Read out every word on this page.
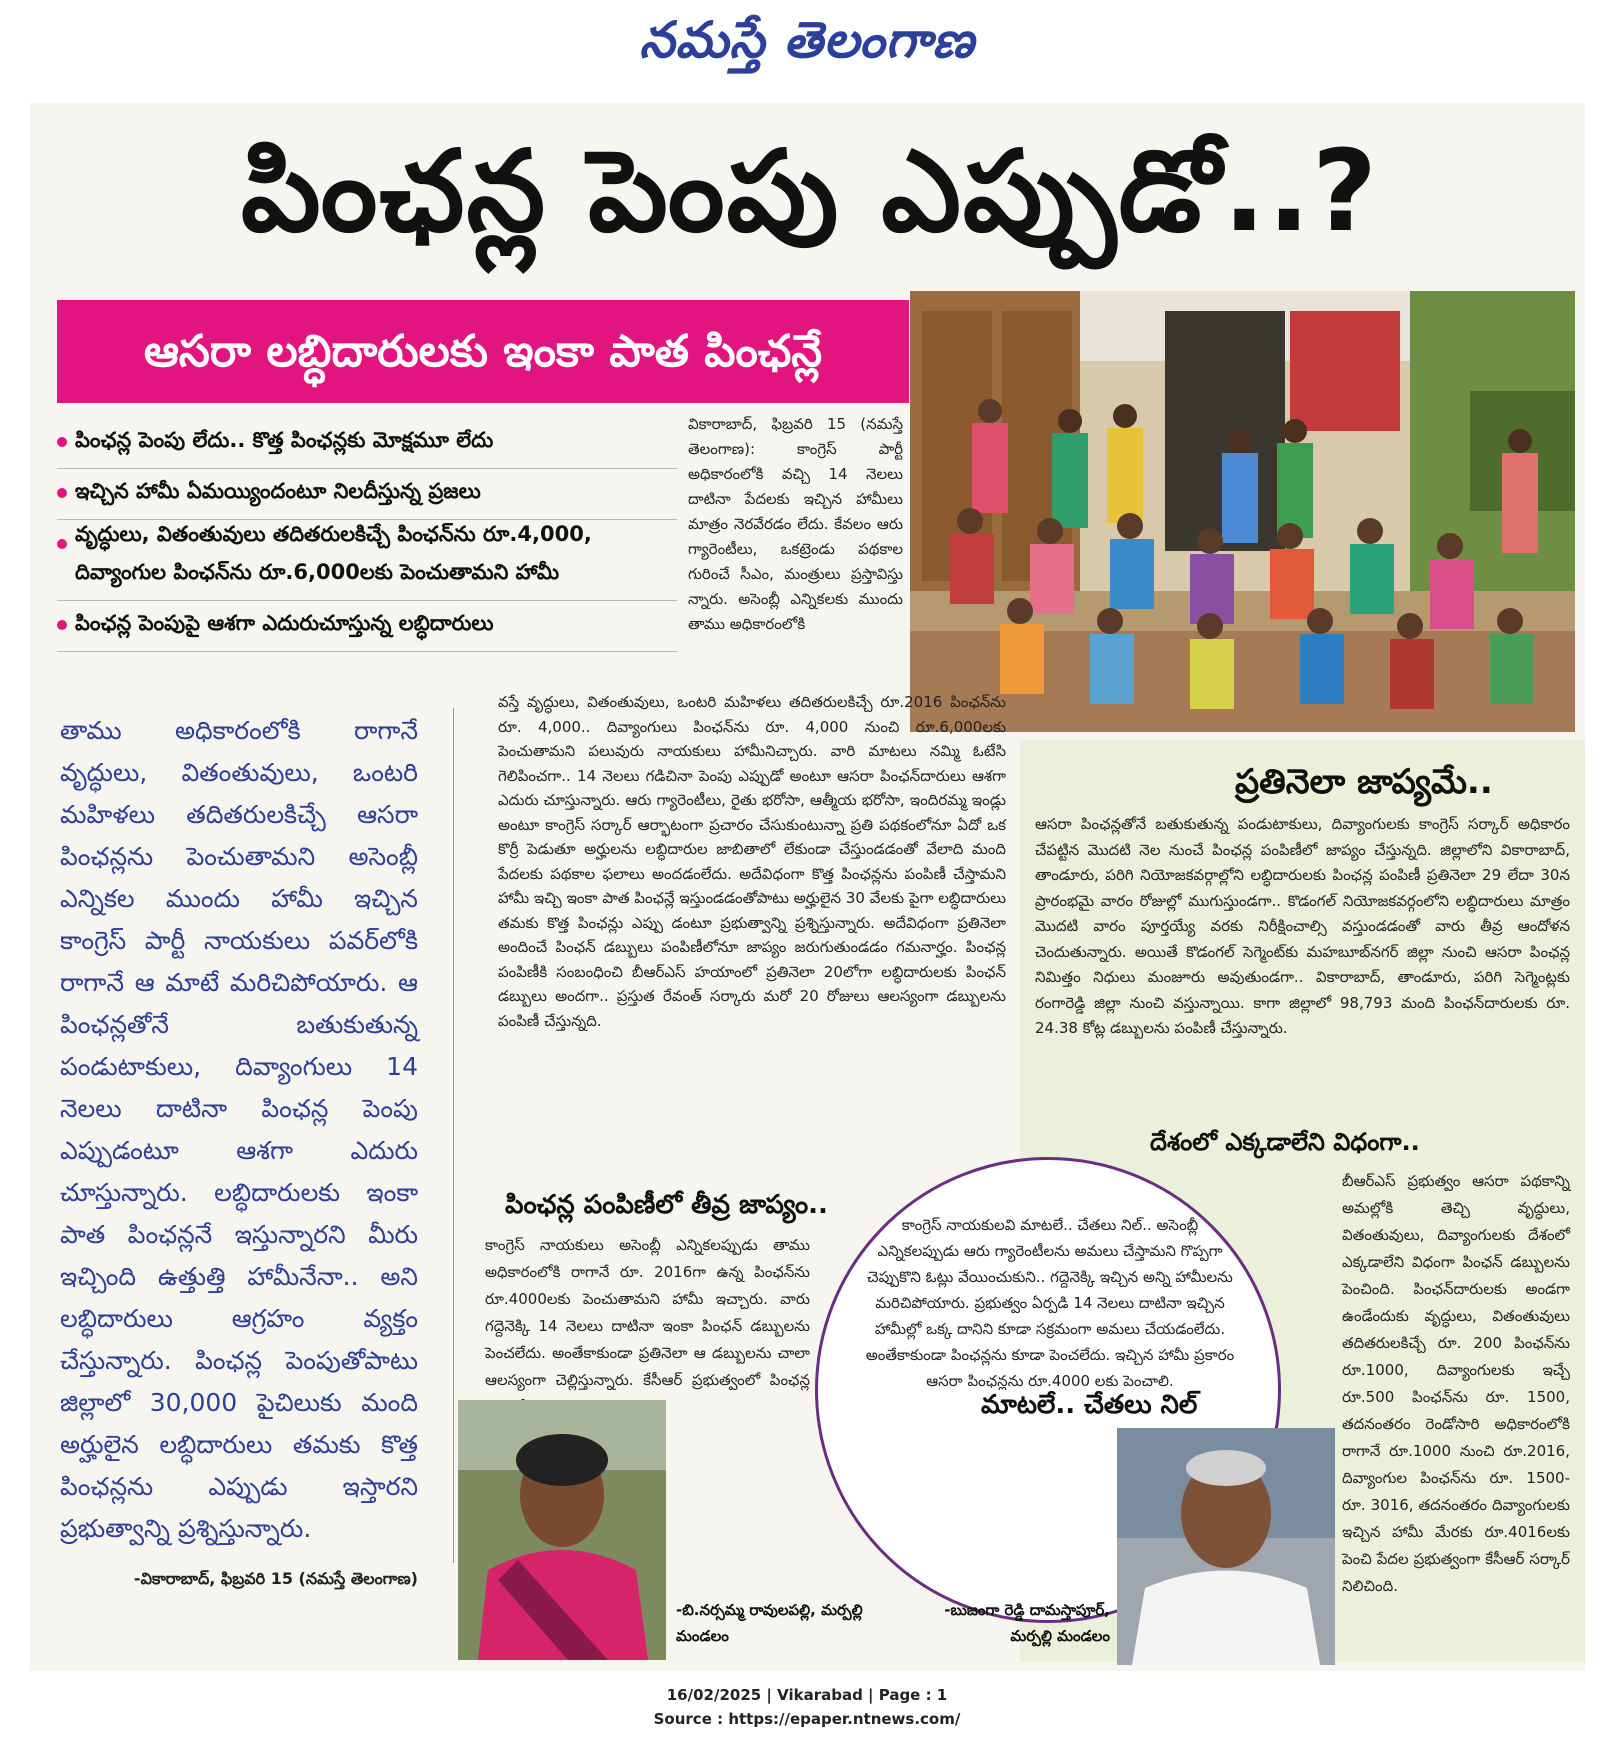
నమస్తే తెలంగాణ
పింఛన్ల పెంపు ఎప్పుడో..?
ఆసరా లబ్ధిదారులకు ఇంకా పాత పింఛన్లే
పింఛన్ల పెంపు లేదు.. కొత్త పింఛన్లకు మోక్షమూ లేదు
ఇచ్చిన హామీ ఏమయ్యిందంటూ నిలదీస్తున్న ప్రజలు
వృద్ధులు, వితంతువులు తదితరులకిచ్చే పింఛన్‌ను రూ.4,000,
దివ్యాంగుల పింఛన్‌ను రూ.6,000లకు పెంచుతామని హామీ
పింఛన్ల పెంపుపై ఆశగా ఎదురుచూస్తున్న లబ్ధిదారులు
వికారాబాద్, ఫిబ్రవరి 15 (నమస్తే తెలంగాణ): కాంగ్రెస్ పార్టీ అధికారంలోకి వచ్చి 14 నెలలు దాటినా పేదలకు ఇచ్చిన హామీలు మాత్రం నెరవేరడం లేదు. కేవలం ఆరు గ్యారెంటీలు, ఒకట్రెండు పథకాల గురించే సీఎం, మంత్రులు ప్రస్తావిస్తు న్నారు. అసెంబ్లీ ఎన్నికలకు ముందు తాము అధికారంలోకి
వస్తే వృద్ధులు, వితంతువులు, ఒంటరి మహిళలు తదితరులకిచ్చే రూ.2016 పింఛన్‌ను రూ. 4,000.. దివ్యాంగులు పింఛన్‌ను రూ. 4,000 నుంచి రూ.6,000లకు పెంచుతామని పలువురు నాయకులు హామీనిచ్చారు. వారి మాటలు నమ్మి ఓటేసి గెలిపించగా.. 14 నెలలు గడిచినా పెంపు ఎప్పుడో అంటూ ఆసరా పింఛన్‌దారులు ఆశగా ఎదురు చూస్తున్నారు. ఆరు గ్యారెంటీలు, రైతు భరోసా, ఆత్మీయ భరోసా, ఇందిరమ్మ ఇండ్లు అంటూ కాంగ్రెస్ సర్కార్ ఆర్భాటంగా ప్రచారం చేసుకుంటున్నా ప్రతి పథకంలోనూ ఏదో ఒక కొర్రీ పెడుతూ అర్హులను లబ్ధిదారుల జాబితాలో లేకుండా చేస్తుండడంతో వేలాది మంది పేదలకు పథకాల ఫలాలు అందడంలేదు. అదేవిధంగా కొత్త పింఛన్లను పంపిణీ చేస్తామని హామీ ఇచ్చి ఇంకా పాత పింఛన్లే ఇస్తుండడంతోపాటు అర్హులైన 30 వేలకు పైగా లబ్ధిదారులు తమకు కొత్త పింఛన్లు ఎప్పు డంటూ ప్రభుత్వాన్ని ప్రశ్నిస్తున్నారు. అదేవిధంగా ప్రతినెలా అందించే పింఛన్ డబ్బులు పంపిణీలోనూ జాప్యం జరుగుతుండడం గమనార్హం. పింఛన్ల పంపిణీకి సంబంధించి బీఆర్‌ఎస్ హయాంలో ప్రతినెలా 20లోగా లబ్ధిదారులకు పింఛన్ డబ్బులు అందగా.. ప్రస్తుత రేవంత్ సర్కారు మరో 20 రోజులు ఆలస్యంగా డబ్బులను పంపిణీ చేస్తున్నది.
తాము అధికారంలోకి రాగానే వృద్ధులు, వితంతువులు, ఒంటరి మహిళలు తదితరులకిచ్చే ఆసరా పింఛన్లను పెంచుతామని అసెంబ్లీ ఎన్నికల ముందు హామీ ఇచ్చిన కాంగ్రెస్ పార్టీ నాయకులు పవర్‌లోకి రాగానే ఆ మాటే మరిచిపోయారు. ఆ పింఛన్లతోనే బతుకుతున్న పండుటాకులు, దివ్యాంగులు 14 నెలలు దాటినా పింఛన్ల పెంపు ఎప్పుడంటూ ఆశగా ఎదురు చూస్తున్నారు. లబ్ధిదారులకు ఇంకా పాత పింఛన్లనే ఇస్తున్నారని మీరు ఇచ్చింది ఉత్తుత్తి హామీనేనా.. అని లబ్ధిదారులు ఆగ్రహం వ్యక్తం చేస్తున్నారు. పింఛన్ల పెంపుతోపాటు జిల్లాలో 30,000 పైచిలుకు మంది అర్హులైన లబ్ధిదారులు తమకు కొత్త పింఛన్లను ఎప్పుడు ఇస్తారని ప్రభుత్వాన్ని ప్రశ్నిస్తున్నారు.
-వికారాబాద్, ఫిబ్రవరి 15 (నమస్తే తెలంగాణ)
ప్రతినెలా జాప్యమే..
ఆసరా పింఛన్లతోనే బతుకుతున్న పండుటాకులు, దివ్యాంగులకు కాంగ్రెస్ సర్కార్ అధికారం చేపట్టిన మొదటి నెల నుంచే పింఛన్ల పంపిణీలో జాప్యం చేస్తున్నది. జిల్లాలోని వికారాబాద్, తాండూరు, పరిగి నియోజకవర్గాల్లోని లబ్ధిదారులకు పింఛన్ల పంపిణీ ప్రతినెలా 29 లేదా 30న ప్రారంభమై వారం రోజుల్లో ముగుస్తుండగా.. కొడంగల్ నియోజకవర్గంలోని లబ్ధిదారులు మాత్రం మొదటి వారం పూర్తయ్యే వరకు నిరీక్షించాల్సి వస్తుండడంతో వారు తీవ్ర ఆందోళన చెందుతున్నారు. అయితే కొడంగల్ సెగ్మెంట్‌కు మహబూబ్‌నగర్ జిల్లా నుంచి ఆసరా పింఛన్ల నిమిత్తం నిధులు మంజూరు అవుతుండగా.. వికారాబాద్, తాండూరు, పరిగి సెగ్మెంట్లకు రంగారెడ్డి జిల్లా నుంచి వస్తున్నాయి. కాగా జిల్లాలో 98,793 మంది పింఛన్‌దారులకు రూ. 24.38 కోట్ల డబ్బులను పంపిణీ చేస్తున్నారు.
దేశంలో ఎక్కడాలేని విధంగా..
బీఆర్‌ఎస్ ప్రభుత్వం ఆసరా పథకాన్ని అమల్లోకి తెచ్చి వృద్ధులు, వితంతువులు, దివ్యాంగులకు దేశంలో ఎక్కడాలేని విధంగా పింఛన్ డబ్బులను పెంచింది. పింఛన్‌దారులకు అండగా ఉండేందుకు వృద్ధులు, వితంతువులు తదితరులకిచ్చే రూ. 200 పింఛన్‌ను రూ.1000, దివ్యాంగులకు ఇచ్చే రూ.500 పింఛన్‌ను రూ. 1500, తదనంతరం రెండోసారి అధికారంలోకి రాగానే రూ.1000 నుంచి రూ.2016, దివ్యాంగుల పింఛన్‌ను రూ. 1500- రూ. 3016, తదనంతరం దివ్యాంగులకు ఇచ్చిన హామీ మేరకు రూ.4016లకు పెంచి పేదల ప్రభుత్వంగా కేసీఆర్ సర్కార్ నిలిచింది.
పింఛన్ల పంపిణీలో తీవ్ర జాప్యం..
కాంగ్రెస్ నాయకులు అసెంబ్లీ ఎన్నికలప్పుడు తాము అధికారంలోకి రాగానే రూ. 2016గా ఉన్న పింఛన్‌ను రూ.4000లకు పెంచుతామని హామీ ఇచ్చారు. వారు గద్దెనెక్కి 14 నెలలు దాటినా ఇంకా పింఛన్ డబ్బులను పెంచలేదు. అంతేకాకుండా ప్రతినెలా ఆ డబ్బులను చాలా ఆలస్యంగా చెల్లిస్తున్నారు. కేసీఆర్ ప్రభుత్వంలో పింఛన్ల
-బి.నర్సమ్మ రావులపల్లి, మర్పల్లి మండలం
కాంగ్రెస్ నాయకులవి మాటలే.. చేతలు నిల్.. అసెంబ్లీ ఎన్నికలప్పుడు ఆరు గ్యారెంటీలను అమలు చేస్తామని గొప్పగా చెప్పుకొని ఓట్లు వేయించుకుని.. గద్దెనెక్కి ఇచ్చిన అన్ని హామీలను మరిచిపోయారు. ప్రభుత్వం ఏర్పడి 14 నెలలు దాటినా ఇచ్చిన హామీల్లో ఒక్క దానిని కూడా సక్రమంగా అమలు చేయడంలేదు. అంతేకాకుండా పింఛన్లను కూడా పెంచలేదు. ఇచ్చిన హామీ ప్రకారం ఆసరా పింఛన్లను రూ.4000 లకు పెంచాలి.
మాటలే.. చేతలు నిల్
-బుజంగా రెడ్డి దామస్తాపూర్,
మర్పల్లి మండలం
16/02/2025 | Vikarabad | Page : 1
Source : https://epaper.ntnews.com/
